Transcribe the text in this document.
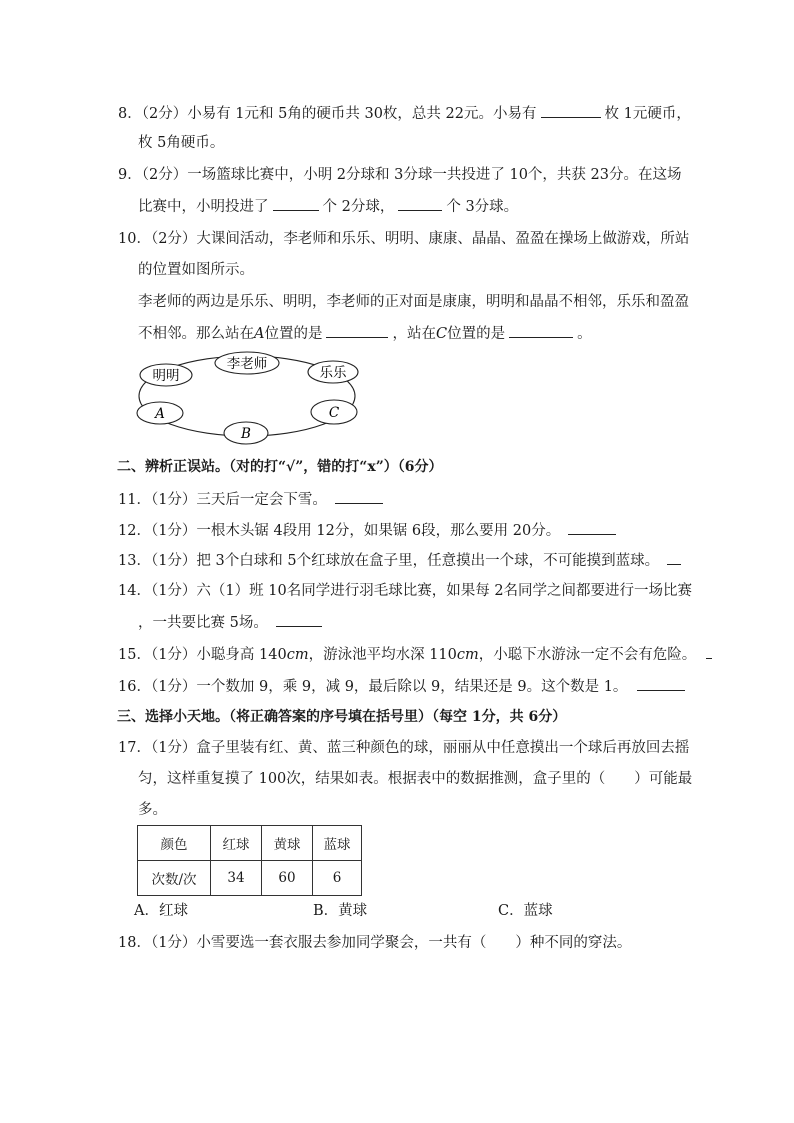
8．（2分）小易有 1元和 5角的硬币共 30枚，总共 22元。小易有	枚 1元硬币，
枚 5角硬币。
9．（2分）一场篮球比赛中，小明 2分球和 3分球一共投进了 10个，共获 23分。在这场
比赛中，小明投进了	个 2分球，	个 3分球。
10．（2分）大课间活动，李老师和乐乐、明明、康康、晶晶、盈盈在操场上做游戏，所站
的位置如图所示。
李老师的两边是乐乐、明明，李老师的正对面是康康，明明和晶晶不相邻，乐乐和盈盈
不相邻。那么站在A位置的是	，站在C位置的是	。
李老师
明明	乐乐
A	C
B
二、辨析正误站。（对的打“√”，错的打“x”）（6分）
11．（1分）三天后一定会下雪。
12．（1分）一根木头锯 4段用 12分，如果锯 6段，那么要用 20分。
13．（1分）把 3个白球和 5个红球放在盒子里，任意摸出一个球，不可能摸到蓝球。
14．（1分）六（1）班 10名同学进行羽毛球比赛，如果每 2名同学之间都要进行一场比赛
，一共要比赛 5场。
15．（1分）小聪身高 140cm，游泳池平均水深 110cm，小聪下水游泳一定不会有危险。
16．（1分）一个数加 9，乘 9，减 9，最后除以 9，结果还是 9。这个数是 1。
三、选择小天地。（将正确答案的序号填在括号里）（每空 1分，共 6分）
17．（1分）盒子里装有红、黄、蓝三种颜色的球，丽丽从中任意摸出一个球后再放回去摇
匀，这样重复摸了 100次，结果如表。根据表中的数据推测，盒子里的（　　）可能最
多。
颜色	红球	黄球	蓝球
次数/次	34	60	6
A．红球	B．黄球	C．蓝球
18．（1分）小雪要选一套衣服去参加同学聚会，一共有（　　）种不同的穿法。
